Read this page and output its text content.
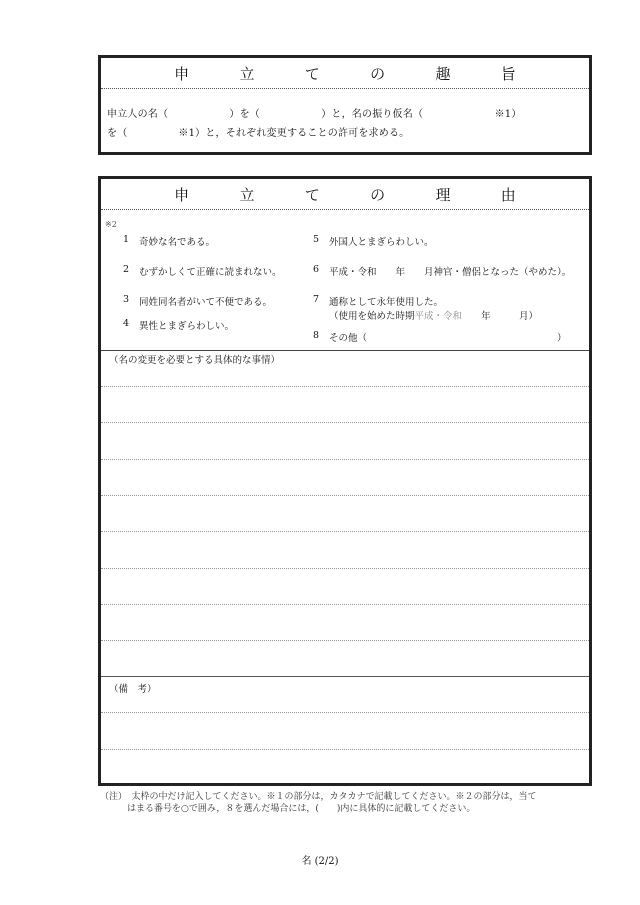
申	立	て	の	趣	旨
申立人の名（　　　　　　）を（　　　　　　）と，名の振り仮名（　　　　　　　※1）
を（　　　　　※1）と，それぞれ変更することの許可を求める。
申	立	て	の	理	由
※2
1	奇妙な名である。
2	むずかしくて正確に読まれない。
3	同姓同名者がいて不便である。
4	異性とまぎらわしい。
5	外国人とまぎらわしい。
6	平成・令和　　年　　月神官・僧侶となった（やめた）。
7	通称として永年使用した。
（使用を始めた時期平成・令和　　年　　　月）
8	その他（　　　　　　　　　　　　　　　　　　　　）
（名の変更を必要とする具体的な事情）
（備　考）
（注）　太枠の中だけ記入してください。※１の部分は，カタカナで記載してください。※２の部分は，当て
　　　はまる番号を○で囲み，８を選んだ場合には，(　　)内に具体的に記載してください。
名 (2/2)
